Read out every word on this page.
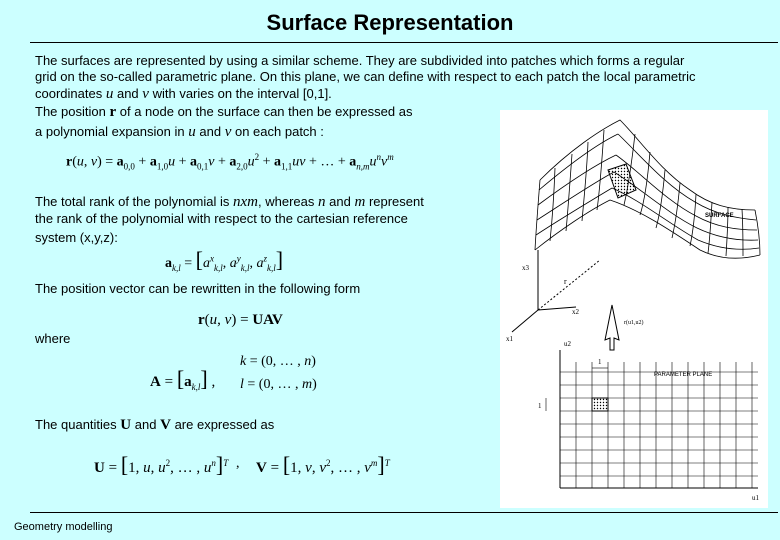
Surface Representation
The surfaces are represented by using a similar scheme. They are subdivided into patches which forms a regular
grid on the so-called parametric plane. On this plane, we can define with respect to each patch the local parametric
coordinates u and v with varies on the interval [0,1].
The position r of a node on the surface can then be expressed as
a polynomial expansion in u and v on each patch :
r(u, $v) = a_{0,0} + a_{1,0}u + a_{0,1}v + a_{2,0}u^2 + a_{1,1}uv$ + … + $a_{n,m}u^nv^m$
The total rank of the polynomial is nxm, whereas n and m represent
the rank of the polynomial with respect to the cartesian reference
system (x,y,z):
$a_{k,l} = [a^x_{k,l}$, $a^y_{k,l}$, $a^z_{k,l}$]
The position vector can be rewritten in the following form
r(u, v) = UAV
where
$A = [a_{k,l}]$ ,
k = (0, … , n)
l = (0, … , m)
The quantities U and V are expressed as
U = [1, u, $u^2$, … , $u^n]^T$ , V = [1, v, $v^2$, … , $v^m]^T$
x3
x1
x2
r
SURFACE
r(u1,u2)
1
1
u2
u1
PARAMETER PLANE
Geometry modelling
